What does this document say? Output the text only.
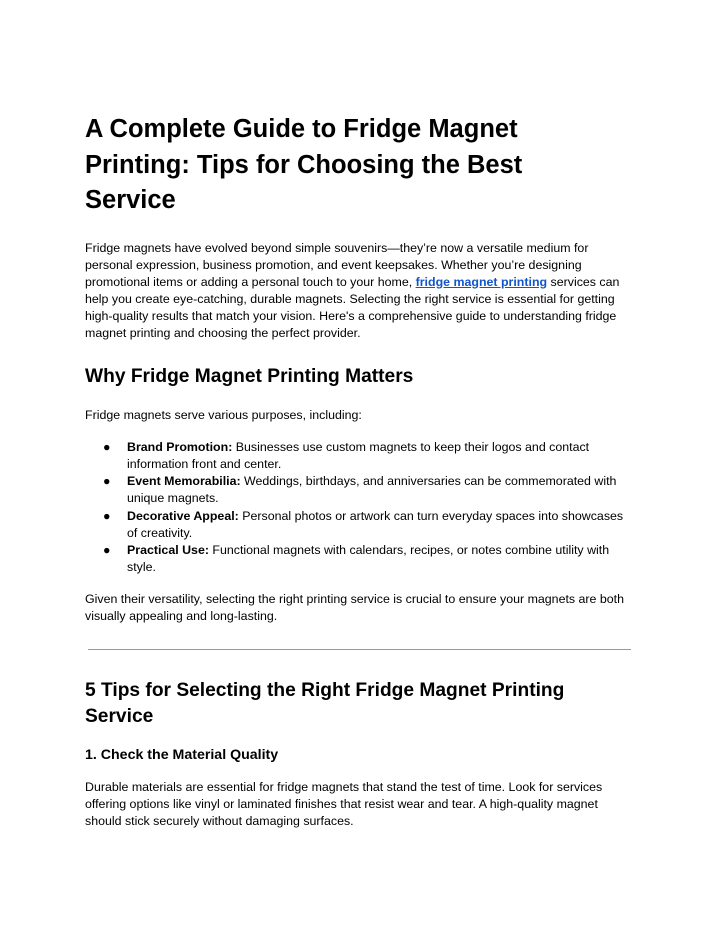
A Complete Guide to Fridge Magnet Printing: Tips for Choosing the Best Service

Fridge magnets have evolved beyond simple souvenirs—they’re now a versatile medium for personal expression, business promotion, and event keepsakes. Whether you’re designing promotional items or adding a personal touch to your home, fridge magnet printing services can help you create eye-catching, durable magnets. Selecting the right service is essential for getting high-quality results that match your vision. Here's a comprehensive guide to understanding fridge magnet printing and choosing the perfect provider.

Why Fridge Magnet Printing Matters

Fridge magnets serve various purposes, including:

● Brand Promotion: Businesses use custom magnets to keep their logos and contact information front and center.
● Event Memorabilia: Weddings, birthdays, and anniversaries can be commemorated with unique magnets.
● Decorative Appeal: Personal photos or artwork can turn everyday spaces into showcases of creativity.
● Practical Use: Functional magnets with calendars, recipes, or notes combine utility with style.

Given their versatility, selecting the right printing service is crucial to ensure your magnets are both visually appealing and long-lasting.

5 Tips for Selecting the Right Fridge Magnet Printing Service
1. Check the Material Quality

Durable materials are essential for fridge magnets that stand the test of time. Look for services offering options like vinyl or laminated finishes that resist wear and tear. A high-quality magnet should stick securely without damaging surfaces.
